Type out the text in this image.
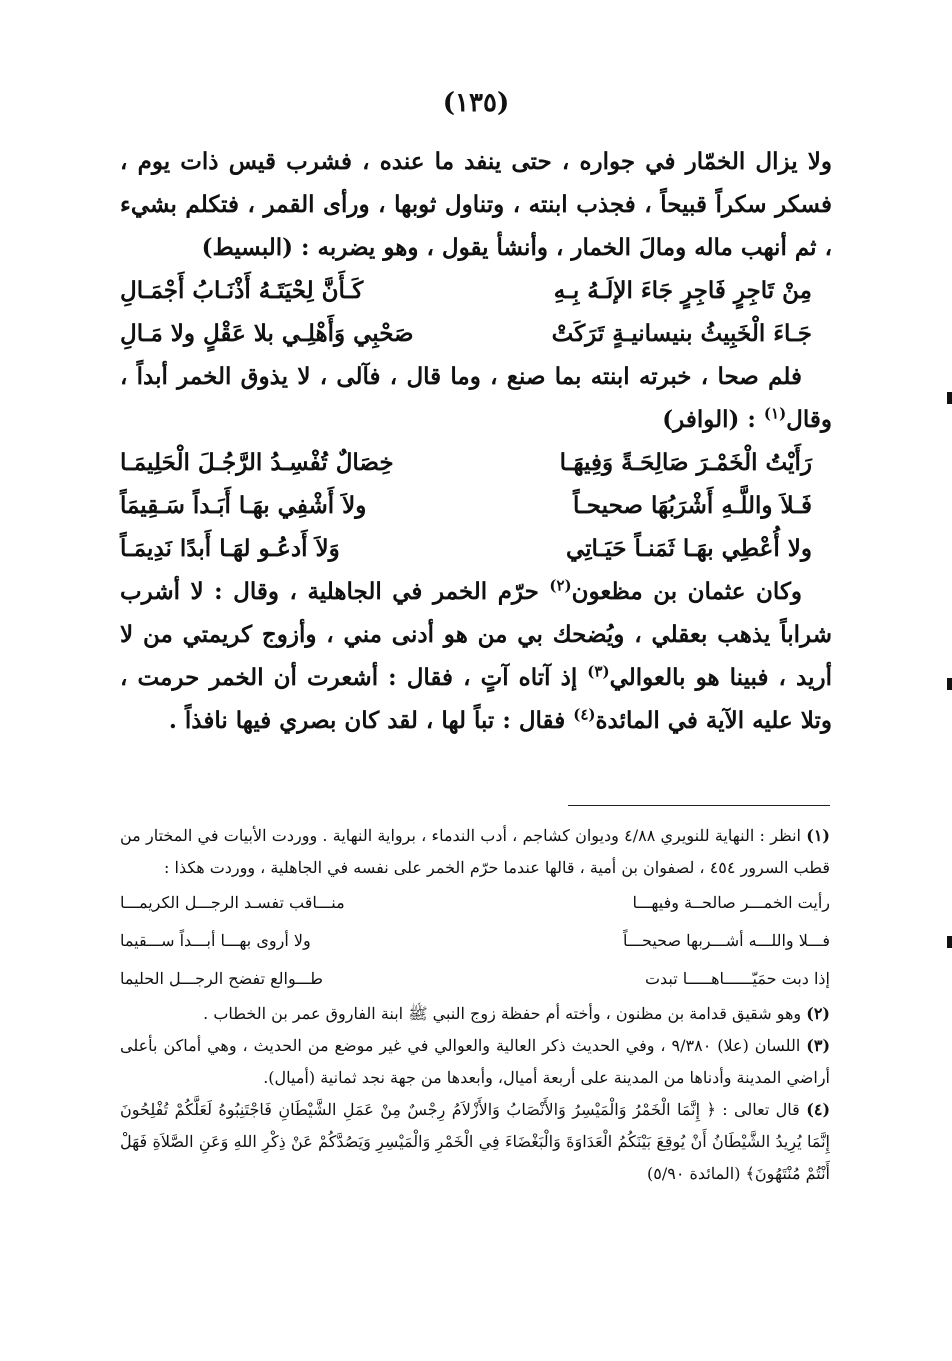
(١٣٥)

ولا يزال الخمّار في جواره ، حتى ينفد ما عنده ، فشرب قيس ذات يوم ، فسكر سكراً قبيحاً ، فجذب ابنته ، وتناول ثوبها ، ورأى القمر ، فتكلم بشيء ، ثم أنهب ماله ومالَ الخمار ، وأنشأ يقول ، وهو يضربه : (البسيط)

مِنْ تَاجِرٍ فَاجِرٍ جَاءَ الإلَـهُ بِـهِ
كَـأَنَّ لِحْيَتَـهُ أَذْنَـابُ أَجْمَـالِ
جَـاءَ الْخَبِيثُ بنيسانيـةٍ تَرَكَتْ
صَحْبِي وَأَهْلِـي بلا عَقْلٍ ولا مَـالِ

فلم صحا ، خبرته ابنته بما صنع ، وما قال ، فآلى ، لا يذوق الخمر أبداً ، وقال$^{(١)}$ : (الوافر)

رَأَيْتُ الْخَمْـرَ صَالِحَـةً وَفِيهَـا
خِصَالٌ تُفْسِـدُ الرَّجُـلَ الْحَلِيمَـا
فَـلاَ واللَّـهِ أَشْرَبُهَا صحيحـاً
ولاَ أَشْفِي بهَـا أَبَـداً سَـقِيمَاً
ولا أُعْطِي بهَـا ثَمَنـاً حَيَـاتِي
وَلاَ أَدعُـو لهَـا أَبدًا نَدِيمَـاً

وكان عثمان بن مظعون$^{(٢)}$ حرّم الخمر في الجاهلية ، وقال : لا أشرب شراباً يذهب بعقلي ، ويُضحك بي من هو أدنى مني ، وأزوج كريمتي من لا أريد ، فبينا هو بالعوالي$^{(٣)}$ إذ آتاه آتٍ ، فقال : أشعرت أن الخمر حرمت ، وتلا عليه الآية في المائدة$^{(٤)}$ فقال : تباً لها ، لقد كان بصري فيها نافذاً .

(١) انظر : النهاية للنويري ٤/٨٨ وديوان كشاجم ، أدب الندماء ، برواية النهاية . ووردت الأبيات في المختار من قطب السرور ٤٥٤ ، لصفوان بن أمية ، قالها عندما حرّم الخمر على نفسه في الجاهلية ، ووردت هكذا :

رأيت الخمـــر صالحــة وفيهـــا
منـــاقب تفسـد الرجـــل الكريمـــا
فـــلا واللـــه أشـــربها صحيحـــاً
ولا أروى بهـــا أبـــداً ســـقيما
إذا دبت حمَيّــــــاهـــــا تبدت
طـــوالع تفضح الرجـــل الحليما

(٢) وهو شقيق قدامة بن مظنون ، وأخته أم حفظة زوج النبي ﷺ ابنة الفاروق عمر بن الخطاب .

(٣) اللسان (علا) ٩/٣٨٠ ، وفي الحديث ذكر العالية والعوالي في غير موضع من الحديث ، وهي أماكن بأعلى أراضي المدينة وأدناها من المدينة على أربعة أميال، وأبعدها من جهة نجد ثمانية (أميال).

(٤) قال تعالى : ﴿ إِنَّمَا الْخَمْرُ وَالْمَيْسِرُ وَالأَنْصَابُ وَالأَزْلاَمُ رِجْسٌ مِنْ عَمَلِ الشَّيْطَانِ فَاجْتَنِبُوهُ لَعَلَّكُمْ تُفْلِحُونَ إِنَّمَا يُرِيدُ الشَّيْطَانُ أَنْ يُوقِعَ بَيْنَكُمُ الْعَدَاوَةَ وَالْبَغْضَاءَ فِي الْخَمْرِ وَالْمَيْسِرِ وَيَصُدَّكُمْ عَنْ ذِكْرِ اللهِ وَعَنِ الصَّلاَةِ فَهَلْ أَنْتُمْ مُنْتَهُونَ﴾ (المائدة ٥/٩٠)
